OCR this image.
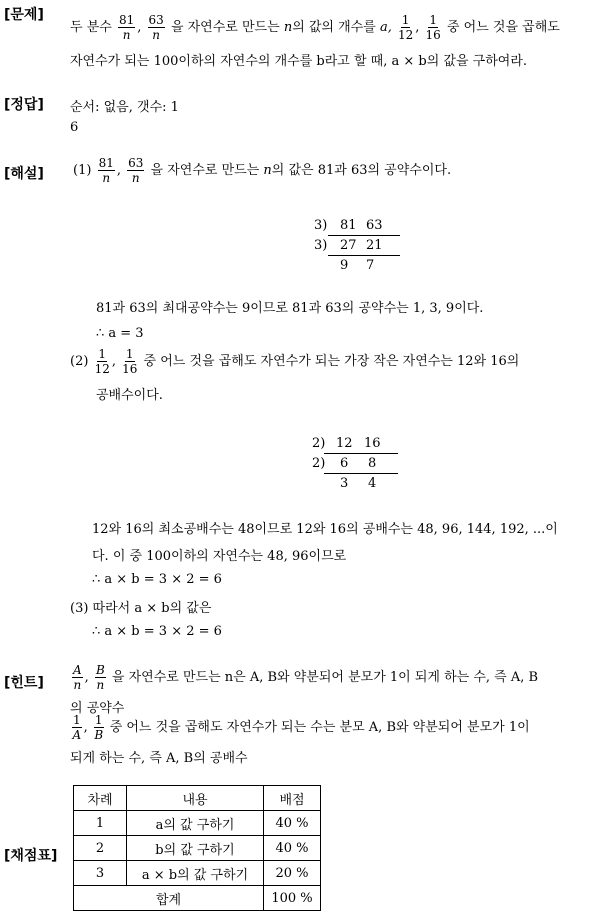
[문제]
[정답]
[해설]
[힌트]
[채점표]
두 분수 $\frac{81}{n}$ , $\frac{63}{n}$ 을 자연수로 만드는 n의 값의 개수를 a, $\frac{1}{12}$ , $\frac{1}{16}$ 중 어느 것을 곱해도
자연수가 되는 100이하의 자연수의 개수를 b라고 할 때, a × b의 값을 구하여라.
순서: 없음, 갯수: 1
6
$(1) \frac{81}{n}$ , $\frac{63}{n}$ 을 자연수로 만드는 n의 값은 81과 63의 공약수이다.
3) 81 63
3) 27 21
9 7
81과 63의 최대공약수는 9이므로 81과 63의 공약수는 1, 3, 9이다.
∴ a = 3
$(2) \frac{1}{12}$ , $\frac{1}{16}$ 중 어느 것을 곱해도 자연수가 되는 가장 작은 자연수는 12와 16의
공배수이다.
2) 12 16
2) 6 8
3 4
12와 16의 최소공배수는 48이므로 12와 16의 공배수는 48, 96, 144, 192, ...이
다. 이 중 100이하의 자연수는 48, 96이므로
∴ a × b = 3 × 2 = 6
(3) 따라서 a × b의 값은
∴ a × b = 3 × 2 = 6
$\frac{A}{n}$ , $\frac{B}{n}$ 을 자연수로 만드는 n은 A, B와 약분되어 분모가 1이 되게 하는 수, 즉 A, B
의 공약수
$\frac{1}{A}$ , $\frac{1}{B}$ 중 어느 것을 곱해도 자연수가 되는 수는 분모 A, B와 약분되어 분모가 1이
되게 하는 수, 즉 A, B의 공배수
차례	내용	배점
1	a의 값 구하기	40 %
2	b의 값 구하기	40 %
3	a × b의 값 구하기	20 %
합계		100 %
